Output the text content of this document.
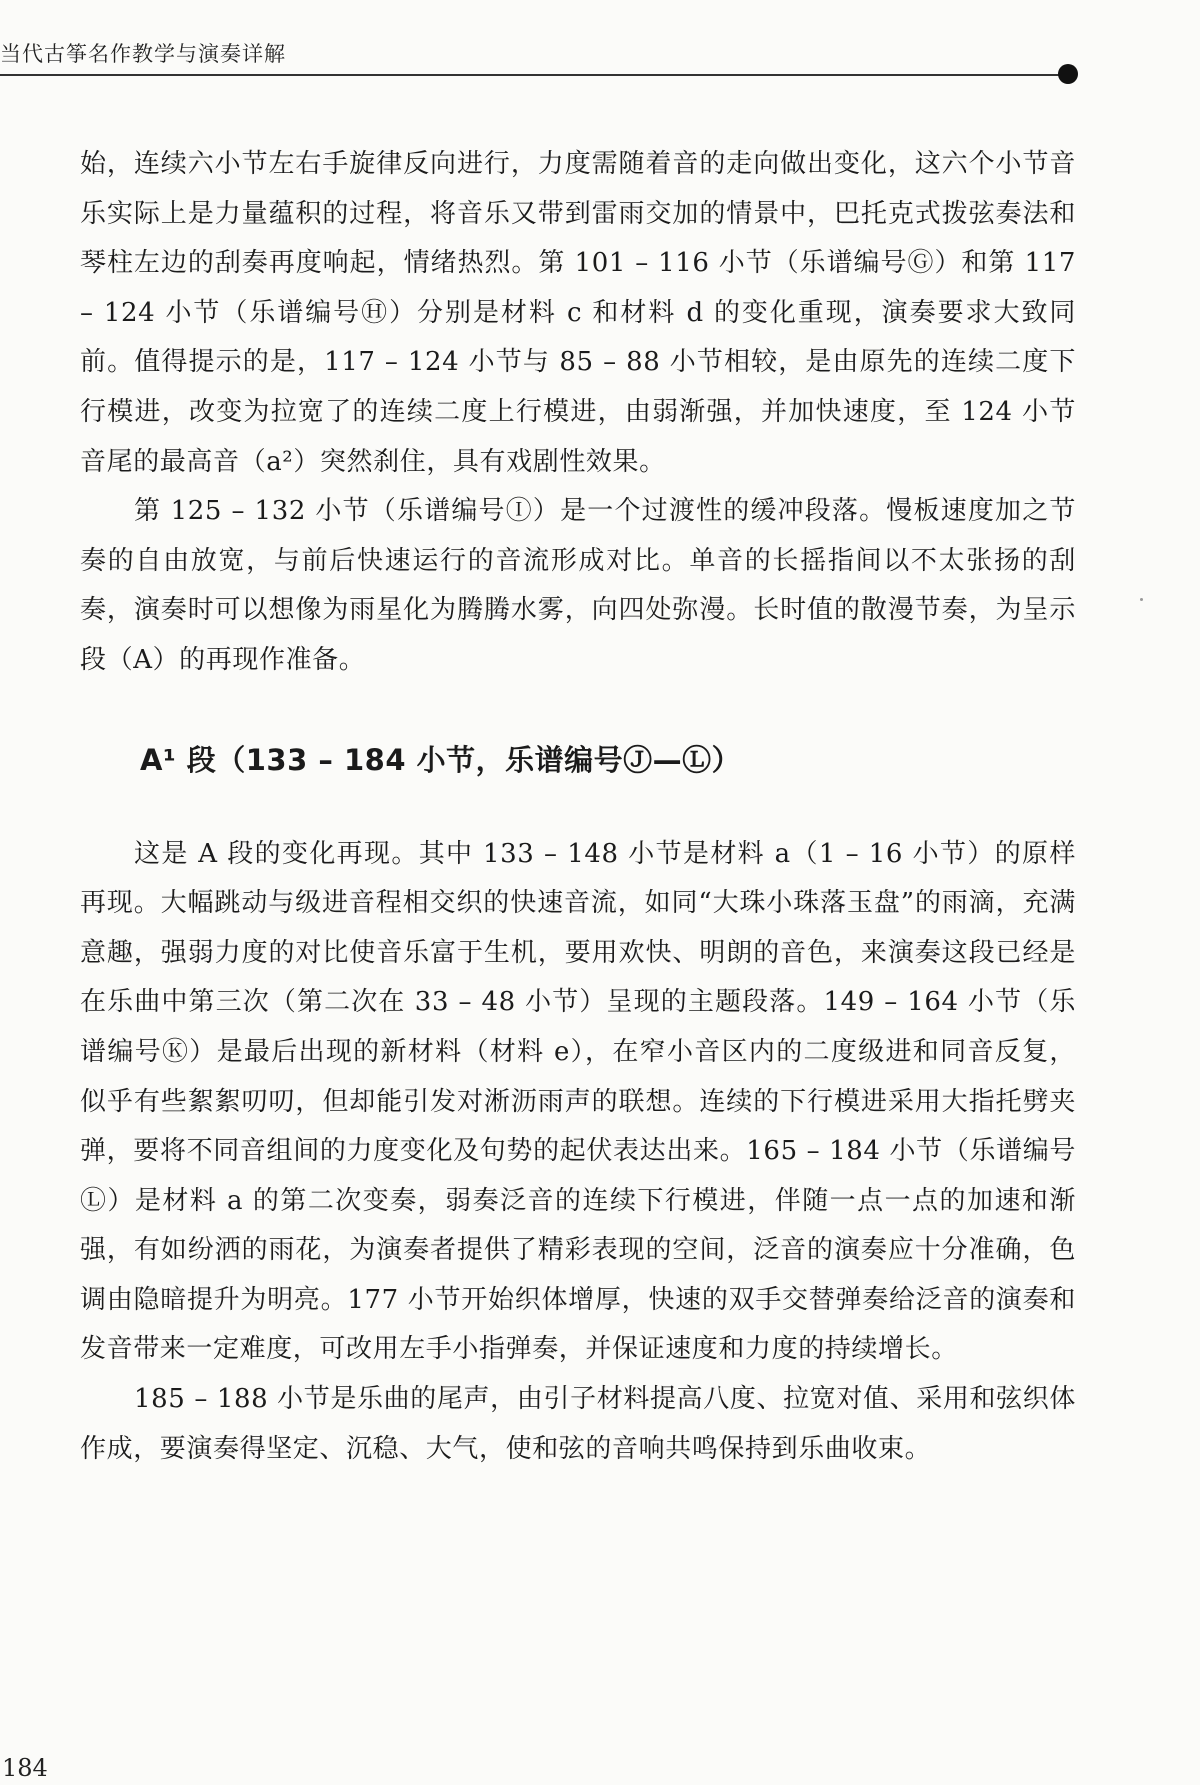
当代古筝名作教学与演奏详解

始，连续六小节左右手旋律反向进行，力度需随着音的走向做出变化，这六个小节音乐实际上是力量蕴积的过程，将音乐又带到雷雨交加的情景中，巴托克式拨弦奏法和琴柱左边的刮奏再度响起，情绪热烈。第 101 – 116 小节（乐谱编号Ⓖ）和第 117 – 124 小节（乐谱编号Ⓗ）分别是材料 c 和材料 d 的变化重现，演奏要求大致同前。值得提示的是，117 – 124 小节与 85 – 88 小节相较，是由原先的连续二度下行模进，改变为拉宽了的连续二度上行模进，由弱渐强，并加快速度，至 124 小节音尾的最高音（a²）突然刹住，具有戏剧性效果。

第 125 – 132 小节（乐谱编号Ⓘ）是一个过渡性的缓冲段落。慢板速度加之节奏的自由放宽，与前后快速运行的音流形成对比。单音的长摇指间以不太张扬的刮奏，演奏时可以想像为雨星化为腾腾水雾，向四处弥漫。长时值的散漫节奏，为呈示段（A）的再现作准备。

A¹ 段（133 – 184 小节，乐谱编号Ⓙ—Ⓛ）

这是 A 段的变化再现。其中 133 – 148 小节是材料 a（1 – 16 小节）的原样再现。大幅跳动与级进音程相交织的快速音流，如同“大珠小珠落玉盘”的雨滴，充满意趣，强弱力度的对比使音乐富于生机，要用欢快、明朗的音色，来演奏这段已经是在乐曲中第三次（第二次在 33 – 48 小节）呈现的主题段落。149 – 164 小节（乐谱编号Ⓚ）是最后出现的新材料（材料 e），在窄小音区内的二度级进和同音反复，似乎有些絮絮叨叨，但却能引发对淅沥雨声的联想。连续的下行模进采用大指托劈夹弹，要将不同音组间的力度变化及句势的起伏表达出来。165 – 184 小节（乐谱编号Ⓛ）是材料 a 的第二次变奏，弱奏泛音的连续下行模进，伴随一点一点的加速和渐强，有如纷洒的雨花，为演奏者提供了精彩表现的空间，泛音的演奏应十分准确，色调由隐暗提升为明亮。177 小节开始织体增厚，快速的双手交替弹奏给泛音的演奏和发音带来一定难度，可改用左手小指弹奏，并保证速度和力度的持续增长。

185 – 188 小节是乐曲的尾声，由引子材料提高八度、拉宽对值、采用和弦织体作成，要演奏得坚定、沉稳、大气，使和弦的音响共鸣保持到乐曲收束。

184
